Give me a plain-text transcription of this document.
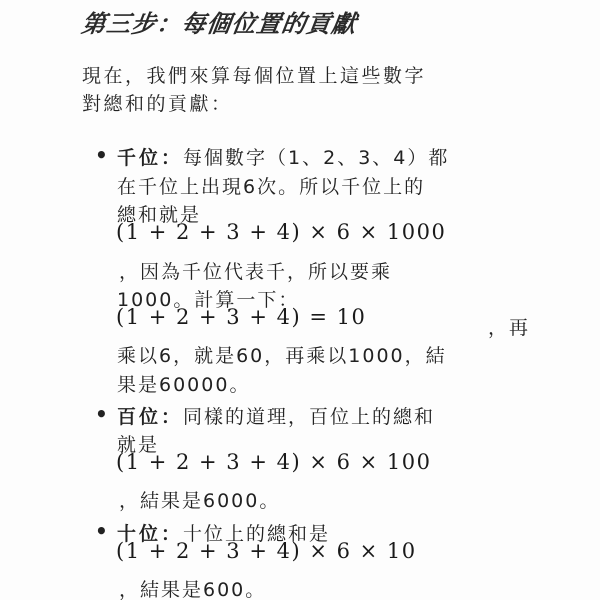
第三步：每個位置的貢獻
現在，我們來算每個位置上這些數字
對總和的貢獻：
• 千位：每個數字（1、2、3、4）都
在千位上出現6次。所以千位上的
總和就是
(1 + 2 + 3 + 4) × 6 × 1000
，因為千位代表千，所以要乘
1000。計算一下：
(1 + 2 + 3 + 4) = 10	，再
乘以6，就是60，再乘以1000，結
果是60000。
• 百位：同樣的道理，百位上的總和
就是
(1 + 2 + 3 + 4) × 6 × 100
，結果是6000。
• 十位：十位上的總和是
(1 + 2 + 3 + 4) × 6 × 10
，結果是600。
